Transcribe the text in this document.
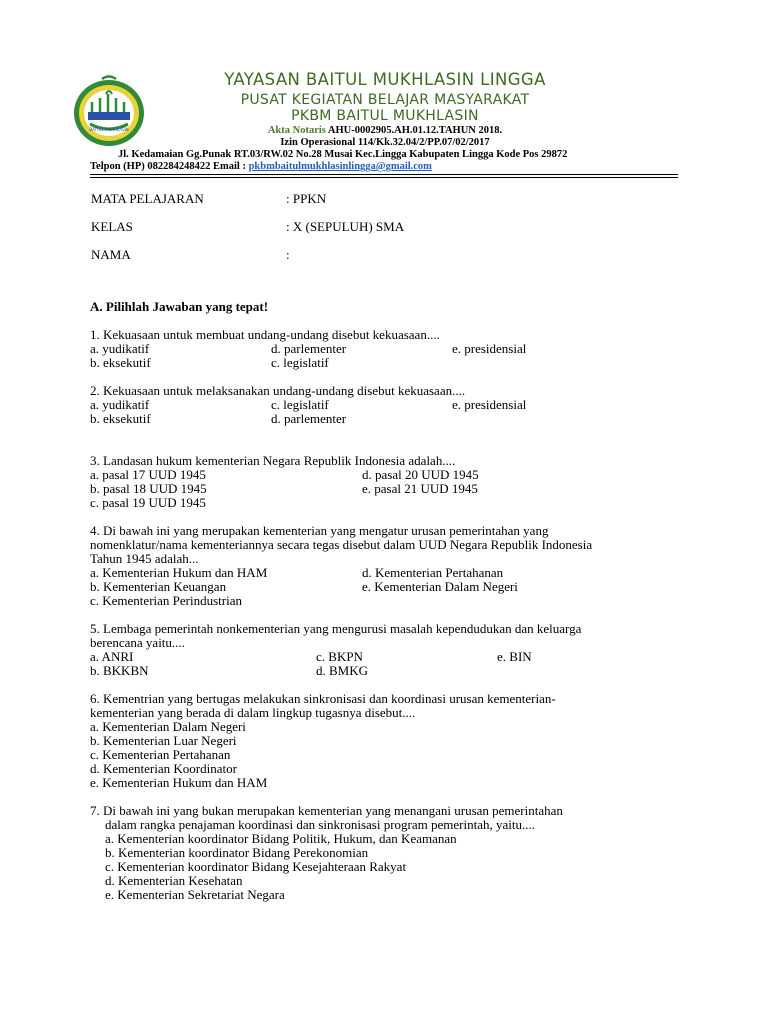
BAITUL MUKHLASIN
YAYASAN BAITUL MUKHLASIN LINGGA
PUSAT KEGIATAN BELAJAR MASYARAKAT
PKBM BAITUL MUKHLASIN
Akta Notaris AHU-0002905.AH.01.12.TAHUN 2018.
Izin Operasional 114/Kk.32.04/2/PP.07/02/2017
Jl. Kedamaian Gg.Punak RT.03/RW.02 No.28 Musai Kec.Lingga Kabupaten Lingga Kode Pos 29872
Telpon (HP) 082284248422 Email : pkbmbaitulmukhlasinlingga@gmail.com
MATA PELAJARAN	: PPKN
KELAS	: X (SEPULUH) SMA
NAMA	:
A. Pilihlah Jawaban yang tepat!
1. Kekuasaan untuk membuat undang-undang disebut kekuasaan....
a. yudikatif	d. parlementer	e. presidensial
b. eksekutif	c. legislatif
2. Kekuasaan untuk melaksanakan undang-undang disebut kekuasaan....
a. yudikatif	c. legislatif	e. presidensial
b. eksekutif	d. parlementer
3. Landasan hukum kementerian Negara Republik Indonesia adalah....
a. pasal 17 UUD 1945	d. pasal 20 UUD 1945
b. pasal 18 UUD 1945	e. pasal 21 UUD 1945
c. pasal 19 UUD 1945
4. Di bawah ini yang merupakan kementerian yang mengatur urusan pemerintahan yang
nomenklatur/nama kementeriannya secara tegas disebut dalam UUD Negara Republik Indonesia
Tahun 1945 adalah...
a. Kementerian Hukum dan HAM	d. Kementerian Pertahanan
b. Kementerian Keuangan	e. Kementerian Dalam Negeri
c. Kementerian Perindustrian
5. Lembaga pemerintah nonkementerian yang mengurusi masalah kependudukan dan keluarga
berencana yaitu....
a. ANRI	c. BKPN	e. BIN
b. BKKBN	d. BMKG
6. Kementrian yang bertugas melakukan sinkronisasi dan koordinasi urusan kementerian-
kementerian yang berada di dalam lingkup tugasnya disebut....
a. Kementerian Dalam Negeri
b. Kementerian Luar Negeri
c. Kementerian Pertahanan
d. Kementerian Koordinator
e. Kementerian Hukum dan HAM
7. Di bawah ini yang bukan merupakan kementerian yang menangani urusan pemerintahan
dalam rangka penajaman koordinasi dan sinkronisasi program pemerintah, yaitu....
a. Kementerian koordinator Bidang Politik, Hukum, dan Keamanan
b. Kementerian koordinator Bidang Perekonomian
c. Kementerian koordinator Bidang Kesejahteraan Rakyat
d. Kementerian Kesehatan
e. Kementerian Sekretariat Negara
